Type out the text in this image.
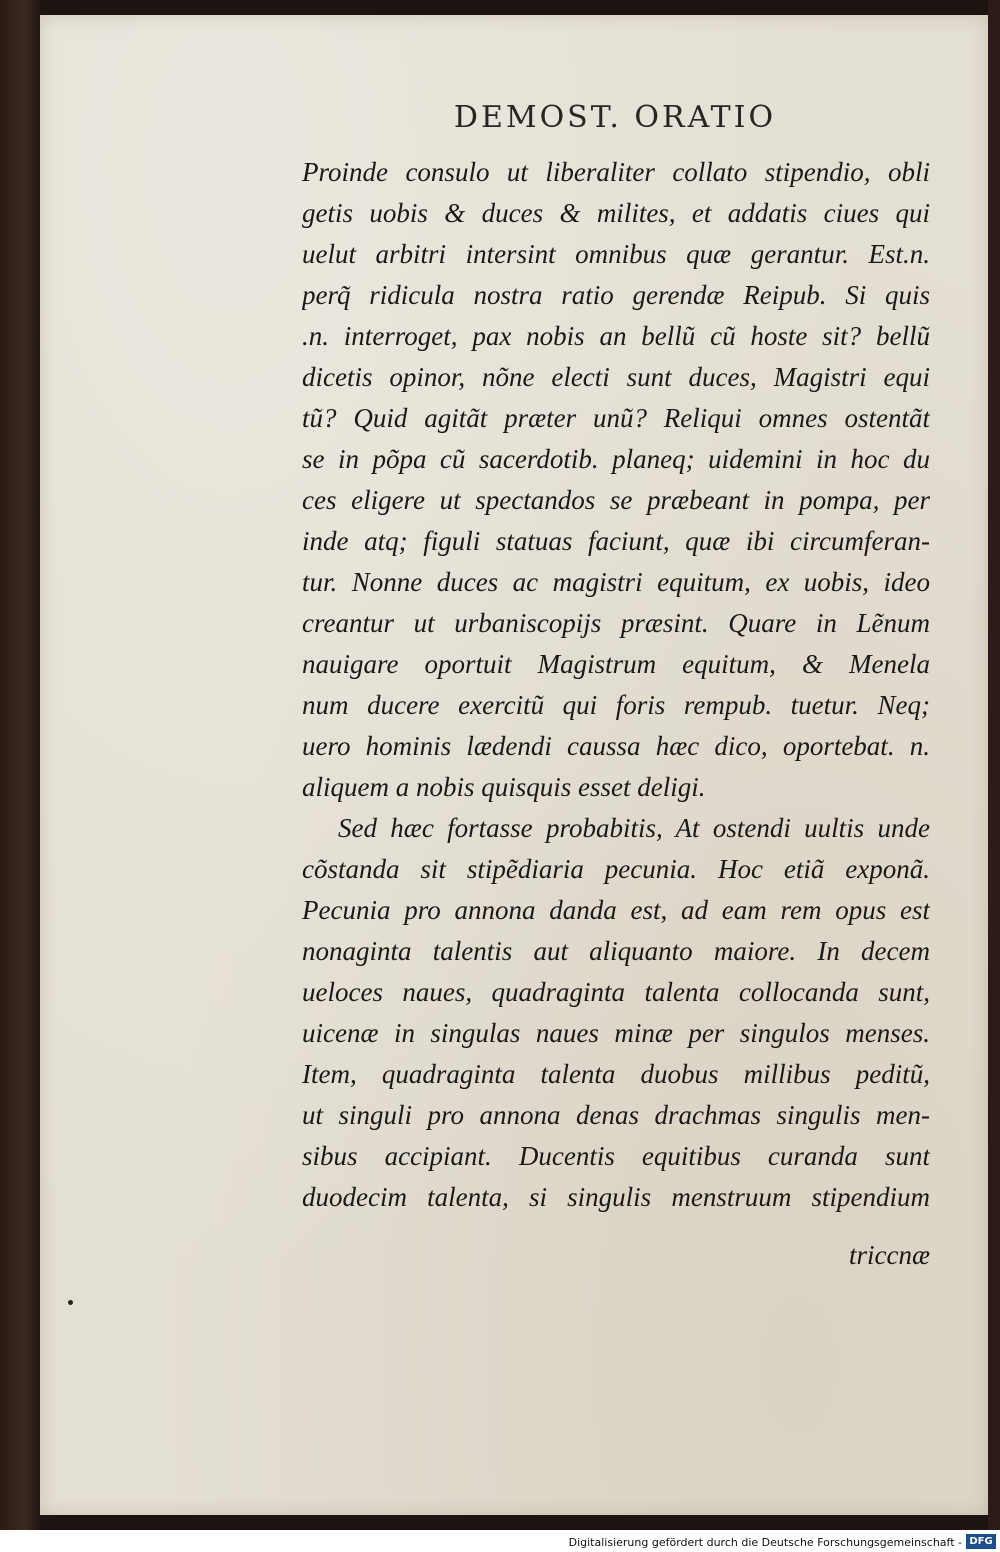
DEMOST. ORATIO
Proinde consulo ut liberaliter collato stipendio, obli
getis uobis & duces & milites, et addatis ciues qui
uelut arbitri intersint omnibus quæ gerantur. Est.n.
perq̃ ridicula nostra ratio gerendæ Reipub. Si quis
.n. interroget, pax nobis an bellũ cũ hoste sit? bellũ
dicetis opinor, nõne electi sunt duces, Magistri equi
tũ? Quid agitãt præter unũ? Reliqui omnes ostentãt
se in põpa cũ sacerdotib. planeq; uidemini in hoc du
ces eligere ut spectandos se præbeant in pompa, per
inde atq; figuli statuas faciunt, quæ ibi circumferan-
tur. Nonne duces ac magistri equitum, ex uobis, ideo
creantur ut urbaniscopijs præsint. Quare in Lẽnum
nauigare oportuit Magistrum equitum, & Menela
num ducere exercitũ qui foris rempub. tuetur. Neq;
uero hominis lædendi caussa hæc dico, oportebat. n.
aliquem a nobis quisquis esset deligi.
Sed hæc fortasse probabitis, At ostendi uultis unde
cõstanda sit stipẽdiaria pecunia. Hoc etiã exponã.
Pecunia pro annona danda est, ad eam rem opus est
nonaginta talentis aut aliquanto maiore. In decem
ueloces naues, quadraginta talenta collocanda sunt,
uicenæ in singulas naues minæ per singulos menses.
Item, quadraginta talenta duobus millibus peditũ,
ut singuli pro annona denas drachmas singulis men-
sibus accipiant. Ducentis equitibus curanda sunt
duodecim talenta, si singulis menstruum stipendium
triccnæ
Digitalisierung gefördert durch die Deutsche Forschungsgemeinschaft - DFG
